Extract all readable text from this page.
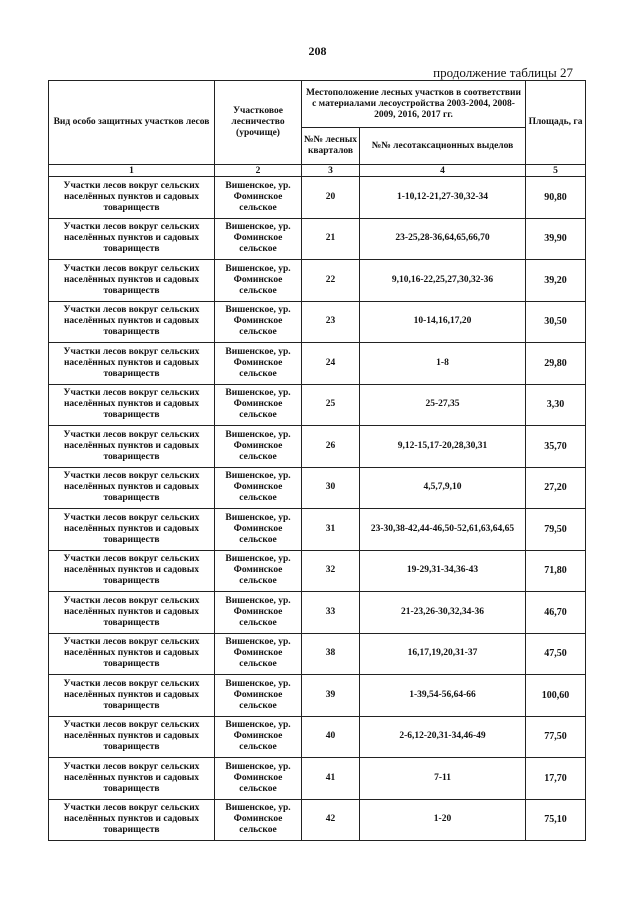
208
продолжение таблицы 27
Вид особо защитных участков лесов	Участковое лесничество (урочище)	Местоположение лесных участков в соответствии с материалами лесоустройства 2003-2004, 2008-2009, 2016, 2017 гг.		Площадь, га
		№№ лесных кварталов	№№ лесотаксационных выделов	
1	2	3	4	5
Участки лесов вокруг сельских населённых пунктов и садовых товариществ	Вишенское, ур. Фоминское сельское	20	1-10,12-21,27-30,32-34	90,80
Участки лесов вокруг сельских населённых пунктов и садовых товариществ	Вишенское, ур. Фоминское сельское	21	23-25,28-36,64,65,66,70	39,90
Участки лесов вокруг сельских населённых пунктов и садовых товариществ	Вишенское, ур. Фоминское сельское	22	9,10,16-22,25,27,30,32-36	39,20
Участки лесов вокруг сельских населённых пунктов и садовых товариществ	Вишенское, ур. Фоминское сельское	23	10-14,16,17,20	30,50
Участки лесов вокруг сельских населённых пунктов и садовых товариществ	Вишенское, ур. Фоминское сельское	24	1-8	29,80
Участки лесов вокруг сельских населённых пунктов и садовых товариществ	Вишенское, ур. Фоминское сельское	25	25-27,35	3,30
Участки лесов вокруг сельских населённых пунктов и садовых товариществ	Вишенское, ур. Фоминское сельское	26	9,12-15,17-20,28,30,31	35,70
Участки лесов вокруг сельских населённых пунктов и садовых товариществ	Вишенское, ур. Фоминское сельское	30	4,5,7,9,10	27,20
Участки лесов вокруг сельских населённых пунктов и садовых товариществ	Вишенское, ур. Фоминское сельское	31	23-30,38-42,44-46,50-52,61,63,64,65	79,50
Участки лесов вокруг сельских населённых пунктов и садовых товариществ	Вишенское, ур. Фоминское сельское	32	19-29,31-34,36-43	71,80
Участки лесов вокруг сельских населённых пунктов и садовых товариществ	Вишенское, ур. Фоминское сельское	33	21-23,26-30,32,34-36	46,70
Участки лесов вокруг сельских населённых пунктов и садовых товариществ	Вишенское, ур. Фоминское сельское	38	16,17,19,20,31-37	47,50
Участки лесов вокруг сельских населённых пунктов и садовых товариществ	Вишенское, ур. Фоминское сельское	39	1-39,54-56,64-66	100,60
Участки лесов вокруг сельских населённых пунктов и садовых товариществ	Вишенское, ур. Фоминское сельское	40	2-6,12-20,31-34,46-49	77,50
Участки лесов вокруг сельских населённых пунктов и садовых товариществ	Вишенское, ур. Фоминское сельское	41	7-11	17,70
Участки лесов вокруг сельских населённых пунктов и садовых товариществ	Вишенское, ур. Фоминское сельское	42	1-20	75,10
